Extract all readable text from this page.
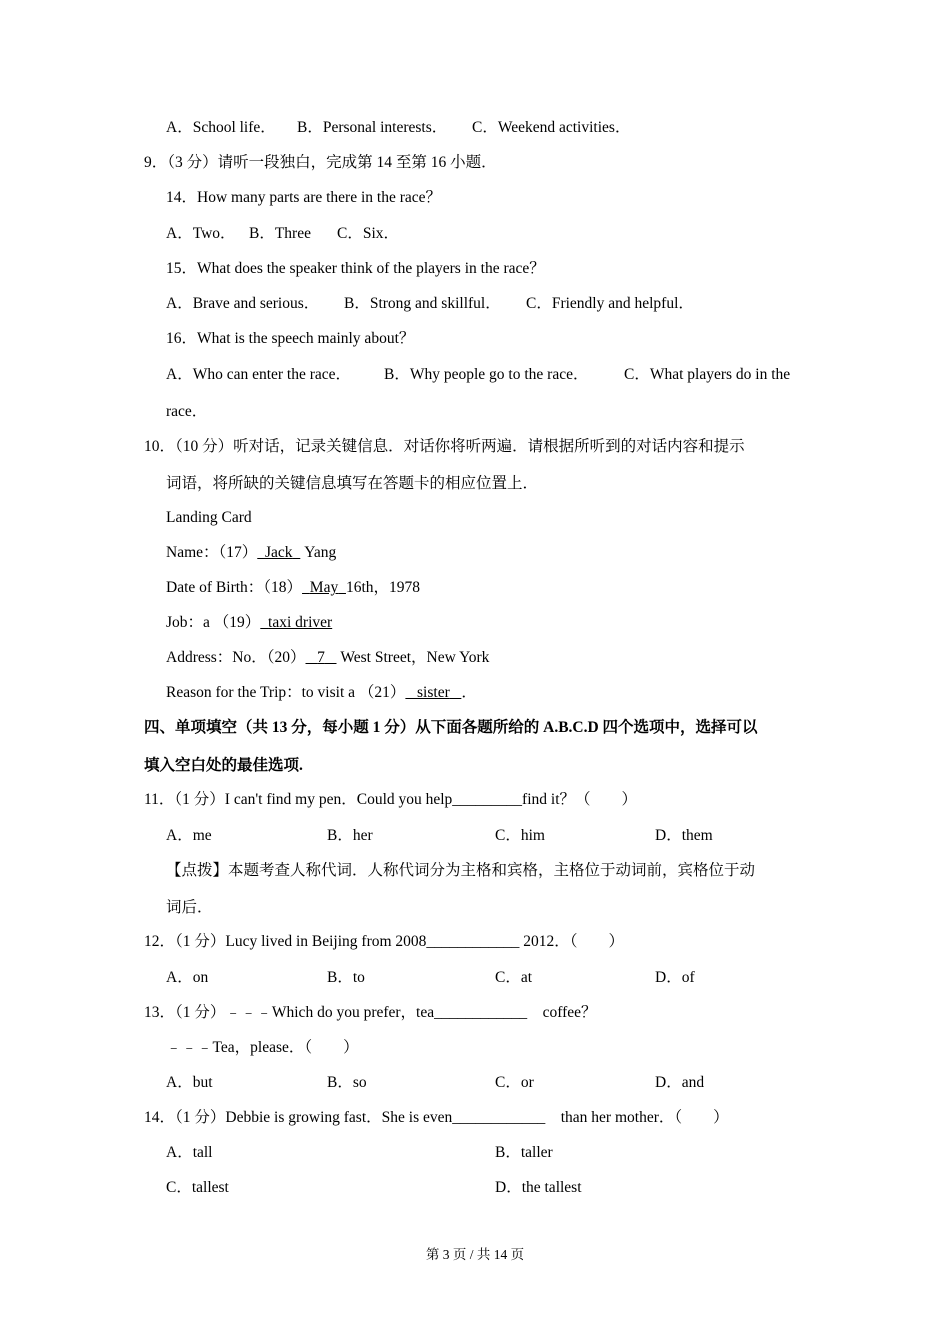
A．School life． B．Personal interests． C．Weekend activities．
9．（3 分）请听一段独白，完成第 14 至第 16 小题．
14．How many parts are there in the race？
A．Two． B．Three C．Six．
15．What does the speaker think of the players in the race？
A．Brave and serious． B．Strong and skillful． C．Friendly and helpful．
16．What is the speech mainly about？
A．Who can enter the race． B．Why people go to the race． C．What players do in the
race．
10．（10 分）听对话，记录关键信息．对话你将听两遍．请根据所听到的对话内容和提示
词语，将所缺的关键信息填写在答题卡的相应位置上．
Landing Card
Name：（17） Jack Yang
Date of Birth：（18） May 16th，1978
Job：a （19） taxi driver
Address：No．（20） 7 West Street，New York
Reason for the Trip：to visit a （21） sister ．
四、单项填空（共 13 分，每小题 1 分）从下面各题所给的 A.B.C.D 四个选项中，选择可以
填入空白处的最佳选项.
11．（1 分）I can't find my pen．Could you help_________find it？（　　）
A．me	B．her	C．him	D．them
【点拨】本题考查人称代词．人称代词分为主格和宾格，主格位于动词前，宾格位于动
词后．
12．（1 分）Lucy lived in Beijing from 2008____________ 2012．（　　）
A．on	B．to	C．at	D．of
13．（1 分）﹣﹣﹣Which do you prefer，tea____________　coffee？
﹣﹣﹣Tea，please．（　　）
A．but	B．so	C．or	D．and
14．（1 分）Debbie is growing fast．She is even____________　than her mother．（　　）
A．tall	B．taller
C．tallest	D．the tallest
第 3 页 / 共 14 页
